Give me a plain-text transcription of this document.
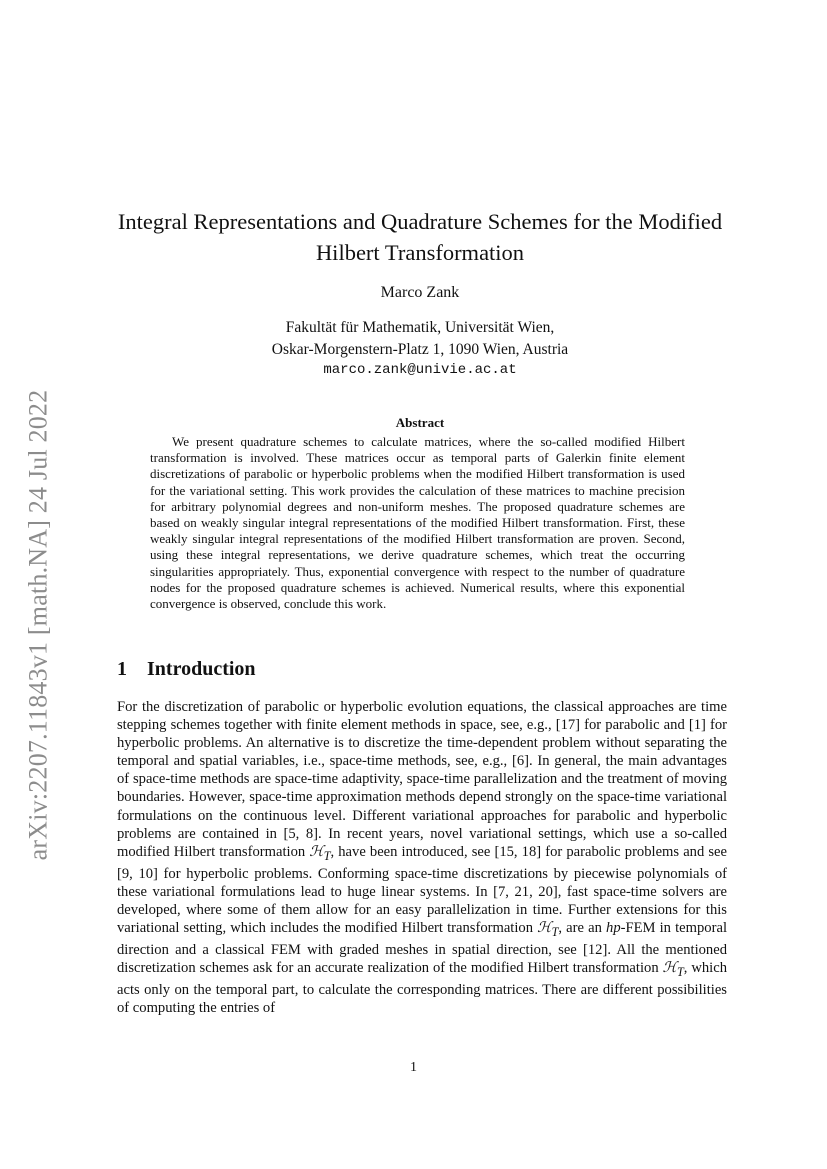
arXiv:2207.11843v1 [math.NA] 24 Jul 2022
Integral Representations and Quadrature Schemes for the Modified Hilbert Transformation
Marco Zank
Fakultät für Mathematik, Universität Wien,
Oskar-Morgenstern-Platz 1, 1090 Wien, Austria
marco.zank@univie.ac.at
Abstract

We present quadrature schemes to calculate matrices, where the so-called modified Hilbert transformation is involved. These matrices occur as temporal parts of Galerkin finite element discretizations of parabolic or hyperbolic problems when the modified Hilbert transformation is used for the variational setting. This work provides the calculation of these matrices to machine precision for arbitrary polynomial degrees and non-uniform meshes. The proposed quadrature schemes are based on weakly singular integral representations of the modified Hilbert transformation. First, these weakly singular integral representations of the modified Hilbert transformation are proven. Second, using these integral representations, we derive quadrature schemes, which treat the occurring singularities appropriately. Thus, exponential convergence with respect to the number of quadrature nodes for the proposed quadrature schemes is achieved. Numerical results, where this exponential convergence is observed, conclude this work.

1 Introduction

For the discretization of parabolic or hyperbolic evolution equations, the classical approaches are time stepping schemes together with finite element methods in space, see, e.g., [17] for parabolic and [1] for hyperbolic problems. An alternative is to discretize the time-dependent problem without separating the temporal and spatial variables, i.e., space-time methods, see, e.g., [6]. In general, the main advantages of space-time methods are space-time adaptivity, space-time parallelization and the treatment of moving boundaries. However, space-time approximation methods depend strongly on the space-time variational formulations on the continuous level. Different variational approaches for parabolic and hyperbolic problems are contained in [5, 8]. In recent years, novel variational settings, which use a so-called modified Hilbert transformation ℋ$_T$, have been introduced, see [15, 18] for parabolic problems and see [9, 10] for hyperbolic problems. Conforming space-time discretizations by piecewise polynomials of these variational formulations lead to huge linear systems. In [7, 21, 20], fast space-time solvers are developed, where some of them allow for an easy parallelization in time. Further extensions for this variational setting, which includes the modified Hilbert transformation ℋ$_T$, are an hp-FEM in temporal direction and a classical FEM with graded meshes in spatial direction, see [12]. All the mentioned discretization schemes ask for an accurate realization of the modified Hilbert transformation ℋ$_T$, which acts only on the temporal part, to calculate the corresponding matrices. There are different possibilities of computing the entries of

1
